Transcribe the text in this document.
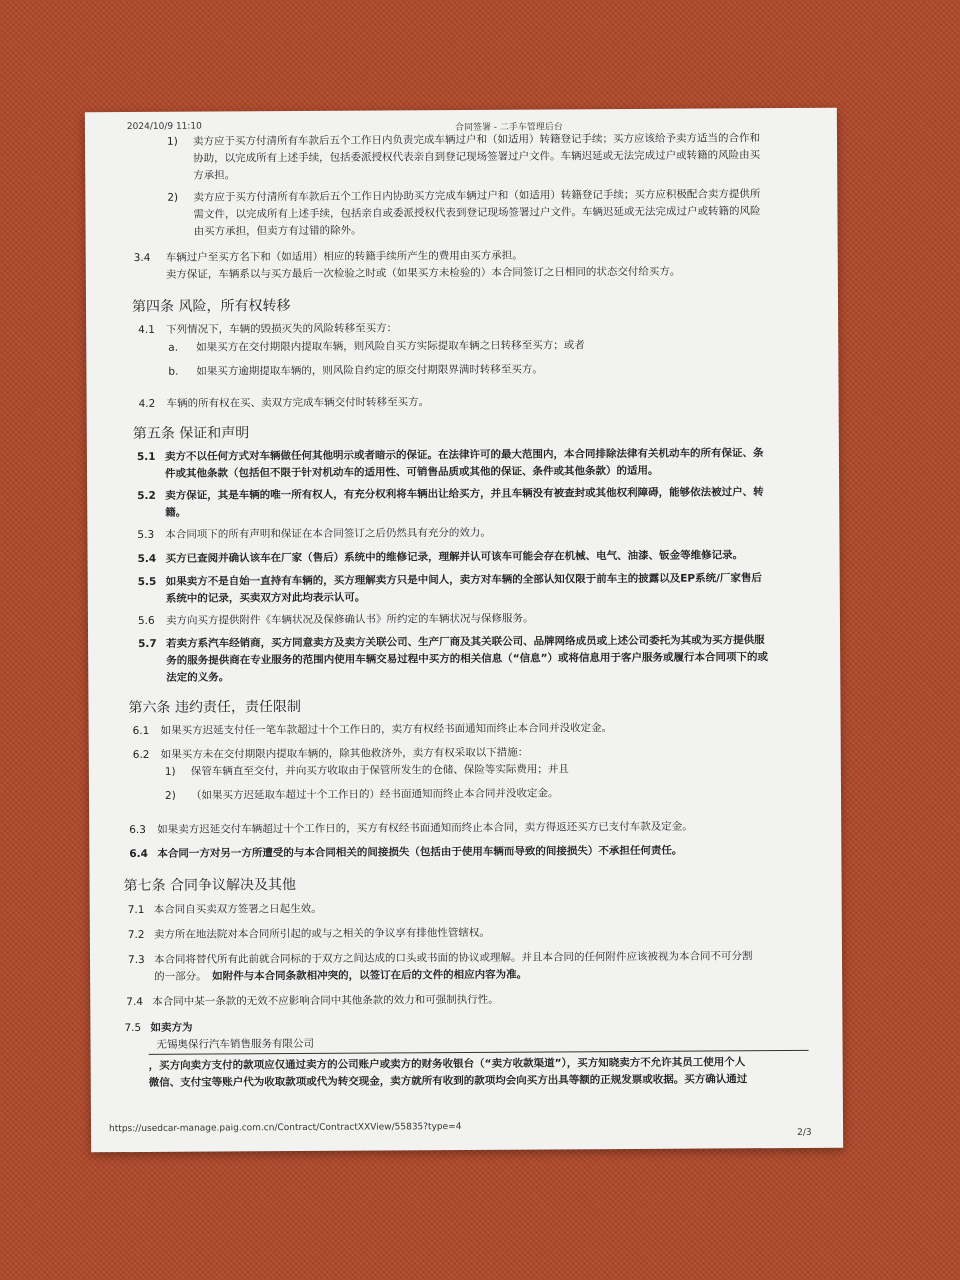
2024/10/9 11:10	合同签署 - 二手车管理后台
1) 卖方应于买方付清所有车款后五个工作日内负责完成车辆过户和（如适用）转籍登记手续；买方应该给予卖方适当的合作和
协助，以完成所有上述手续，包括委派授权代表亲自到登记现场签署过户文件。车辆迟延或无法完成过户或转籍的风险由买
方承担。
2) 卖方应于买方付清所有车款后五个工作日内协助买方完成车辆过户和（如适用）转籍登记手续；买方应积极配合卖方提供所
需文件，以完成所有上述手续，包括亲自或委派授权代表到登记现场签署过户文件。车辆迟延或无法完成过户或转籍的风险
由买方承担，但卖方有过错的除外。
3.4 车辆过户至买方名下和（如适用）相应的转籍手续所产生的费用由买方承担。
卖方保证，车辆系以与买方最后一次检验之时或（如果买方未检验的）本合同签订之日相同的状态交付给买方。
第四条 风险，所有权转移
4.1 下列情况下，车辆的毁损灭失的风险转移至买方：
a. 如果买方在交付期限内提取车辆，则风险自买方实际提取车辆之日转移至买方；或者
b. 如果买方逾期提取车辆的，则风险自约定的原交付期限界满时转移至买方。
4.2 车辆的所有权在买、卖双方完成车辆交付时转移至买方。
第五条 保证和声明
5.1 卖方不以任何方式对车辆做任何其他明示或者暗示的保证。在法律许可的最大范围内，本合同排除法律有关机动车的所有保证、条
件或其他条款（包括但不限于针对机动车的适用性、可销售品质或其他的保证、条件或其他条款）的适用。
5.2 卖方保证，其是车辆的唯一所有权人，有充分权利将车辆出让给买方，并且车辆没有被查封或其他权利障碍，能够依法被过户、转
籍。
5.3 本合同项下的所有声明和保证在本合同签订之后仍然具有充分的效力。
5.4 买方已查阅并确认该车在厂家（售后）系统中的维修记录，理解并认可该车可能会存在机械、电气、油漆、钣金等维修记录。
5.5 如果卖方不是自始一直持有车辆的，买方理解卖方只是中间人，卖方对车辆的全部认知仅限于前车主的披露以及EP系统/厂家售后
系统中的记录，买卖双方对此均表示认可。
5.6 卖方向买方提供附件《车辆状况及保修确认书》所约定的车辆状况与保修服务。
5.7 若卖方系汽车经销商，买方同意卖方及卖方关联公司、生产厂商及其关联公司、品牌网络成员或上述公司委托为其或为买方提供服
务的服务提供商在专业服务的范围内使用车辆交易过程中买方的相关信息（“信息”）或将信息用于客户服务或履行本合同项下的或
法定的义务。
第六条 违约责任，责任限制
6.1 如果买方迟延支付任一笔车款超过十个工作日的，卖方有权经书面通知而终止本合同并没收定金。
6.2 如果买方未在交付期限内提取车辆的，除其他救济外，卖方有权采取以下措施：
1) 保管车辆直至交付，并向买方收取由于保管所发生的仓储、保险等实际费用；并且
2) （如果买方迟延取车超过十个工作日的）经书面通知而终止本合同并没收定金。
6.3 如果卖方迟延交付车辆超过十个工作日的，买方有权经书面通知而终止本合同，卖方得返还买方已支付车款及定金。
6.4 本合同一方对另一方所遭受的与本合同相关的间接损失（包括由于使用车辆而导致的间接损失）不承担任何责任。
第七条 合同争议解决及其他
7.1 本合同自买卖双方签署之日起生效。
7.2 卖方所在地法院对本合同所引起的或与之相关的争议享有排他性管辖权。
7.3 本合同将替代所有此前就合同标的于双方之间达成的口头或书面的协议或理解。并且本合同的任何附件应该被视为本合同不可分割
的一部分。 如附件与本合同条款相冲突的，以签订在后的文件的相应内容为准。
7.4 本合同中某一条款的无效不应影响合同中其他条款的效力和可强制执行性。
7.5 如卖方为
无锡奥保行汽车销售服务有限公司
，买方向卖方支付的款项应仅通过卖方的公司账户或卖方的财务收银台（“卖方收款渠道”），买方知晓卖方不允许其员工使用个人
微信、支付宝等账户代为收取款项或代为转交现金，卖方就所有收到的款项均会向买方出具等额的正规发票或收据。买方确认通过
https://usedcar-manage.paig.com.cn/Contract/ContractXXView/55835?type=4	2/3
